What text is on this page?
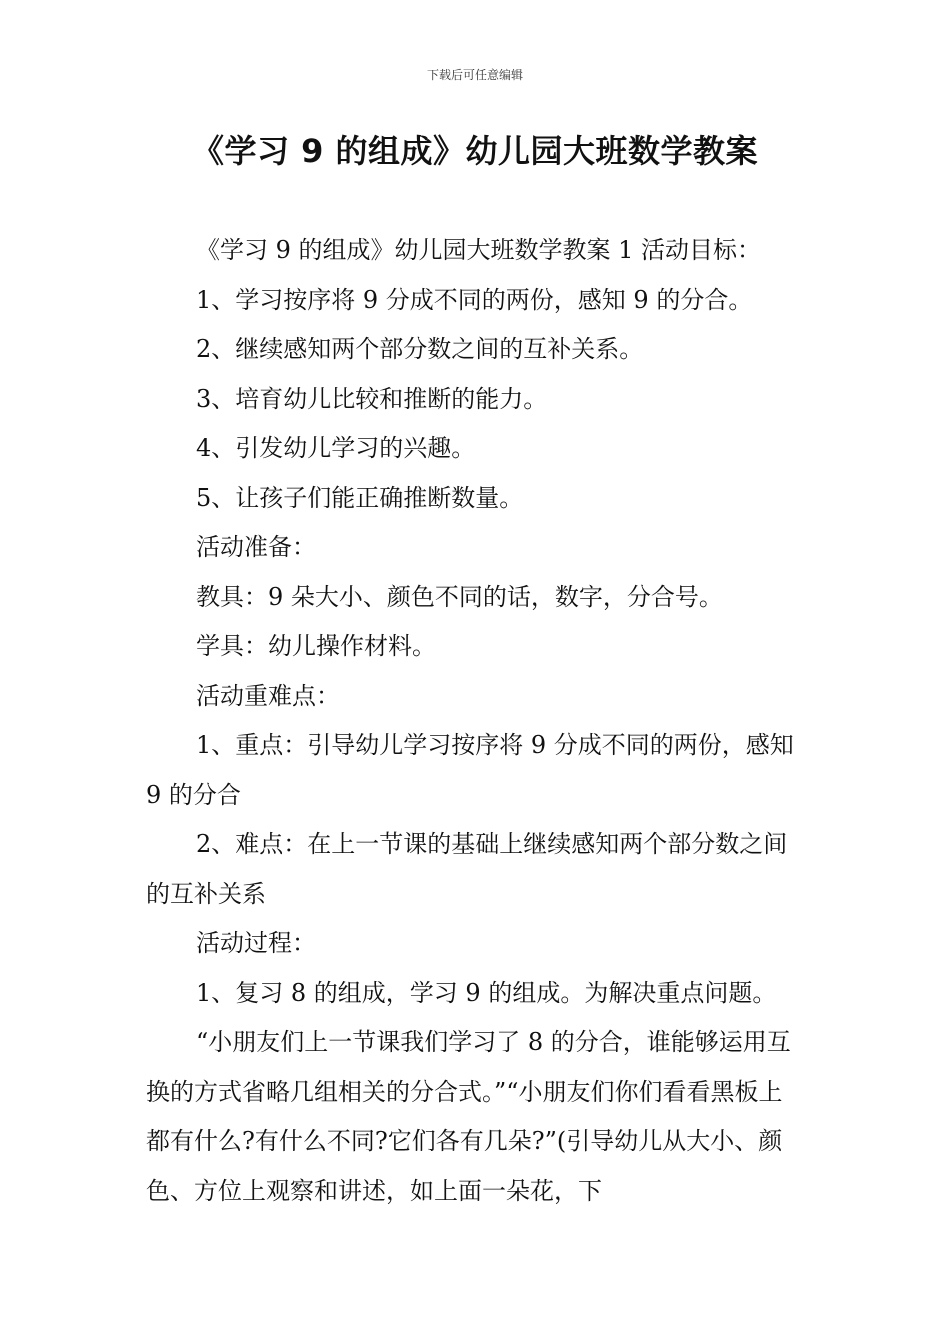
下载后可任意编辑
《学习 9 的组成》幼儿园大班数学教案

《学习 9 的组成》幼儿园大班数学教案 1 活动目标：

1、学习按序将 9 分成不同的两份，感知 9 的分合。

2、继续感知两个部分数之间的互补关系。

3、培育幼儿比较和推断的能力。

4、引发幼儿学习的兴趣。

5、让孩子们能正确推断数量。

活动准备：

教具：9 朵大小、颜色不同的话，数字，分合号。

学具：幼儿操作材料。

活动重难点：

1、重点：引导幼儿学习按序将 9 分成不同的两份，感知 9 的分合

2、难点：在上一节课的基础上继续感知两个部分数之间的互补关系

活动过程：

1、复习 8 的组成，学习 9 的组成。为解决重点问题。

“小朋友们上一节课我们学习了 8 的分合，谁能够运用互换的方式省略几组相关的分合式。”“小朋友们你们看看黑板上都有什么?有什么不同?它们各有几朵?”(引导幼儿从大小、颜色、方位上观察和讲述，如上面一朵花，下
